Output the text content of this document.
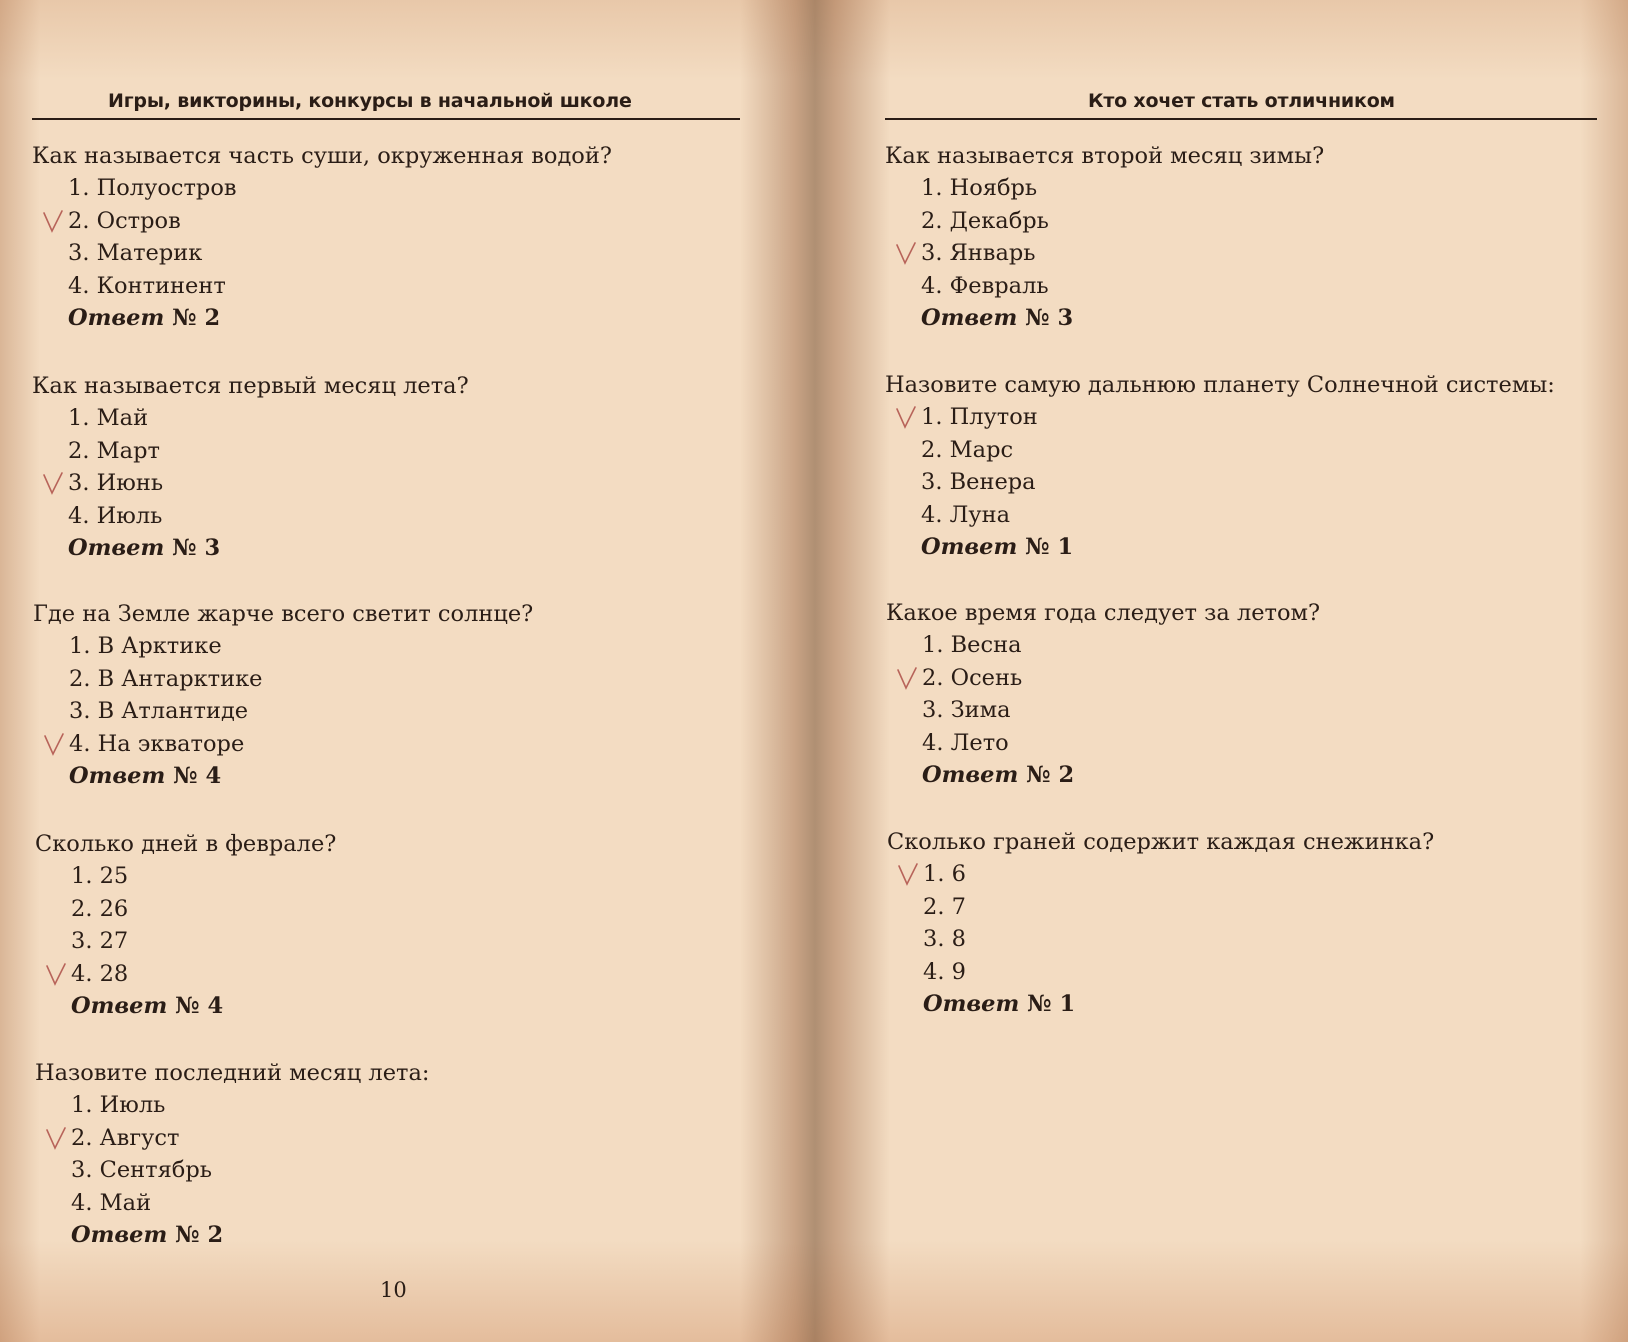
Игры, викторины, конкурсы в начальной школе
Как называется часть суши, окруженная водой?
1. Полуостров
2. Остров
3. Материк
4. Континент
Ответ № 2
Как называется первый месяц лета?
1. Май
2. Март
3. Июнь
4. Июль
Ответ № 3
Где на Земле жарче всего светит солнце?
1. В Арктике
2. В Антарктике
3. В Атлантиде
4. На экваторе
Ответ № 4
Сколько дней в феврале?
1. 25
2. 26
3. 27
4. 28
Ответ № 4
Назовите последний месяц лета:
1. Июль
2. Август
3. Сентябрь
4. Май
Ответ № 2
10
Кто хочет стать отличником
Как называется второй месяц зимы?
1. Ноябрь
2. Декабрь
3. Январь
4. Февраль
Ответ № 3
Назовите самую дальнюю планету Солнечной системы:
1. Плутон
2. Марс
3. Венера
4. Луна
Ответ № 1
Какое время года следует за летом?
1. Весна
2. Осень
3. Зима
4. Лето
Ответ № 2
Сколько граней содержит каждая снежинка?
1. 6
2. 7
3. 8
4. 9
Ответ № 1
